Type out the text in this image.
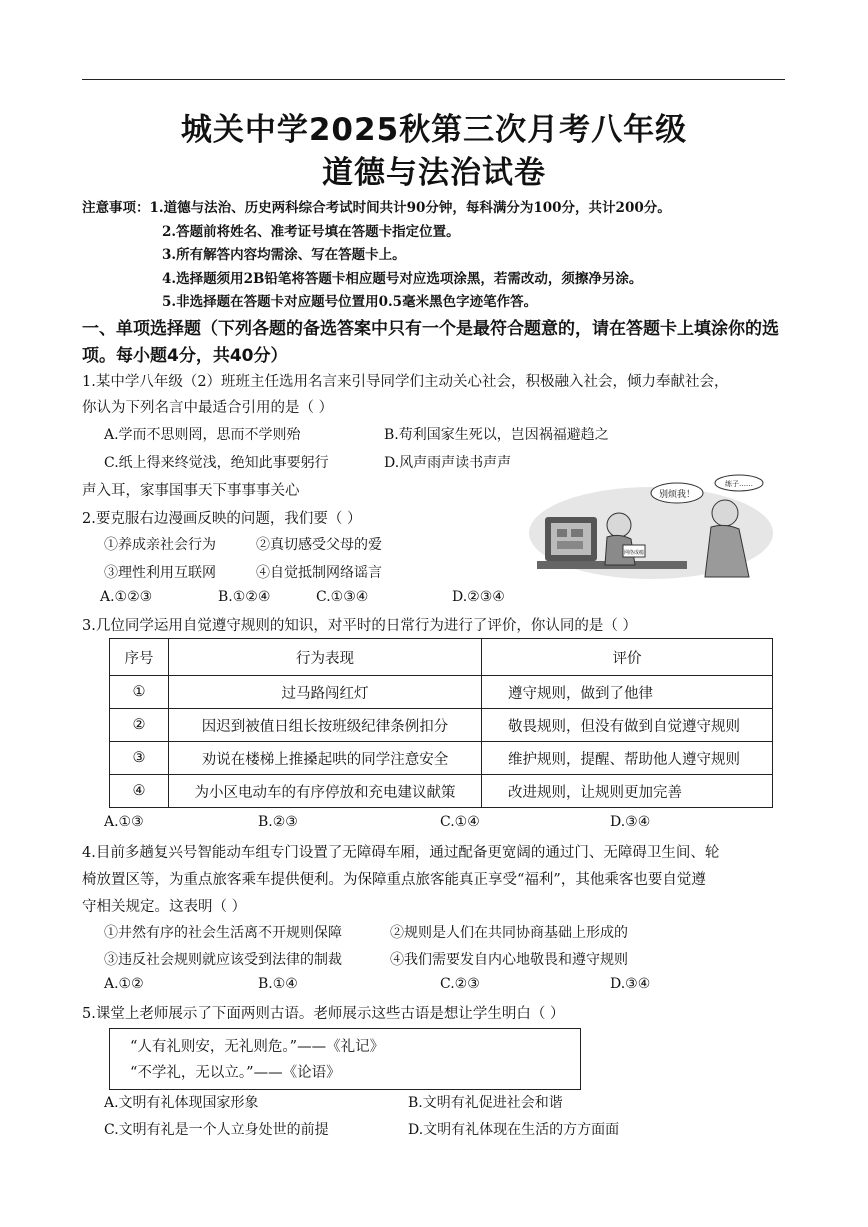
城关中学2025秋第三次月考八年级
道德与法治试卷
注意事项：1.道德与法治、历史两科综合考试时间共计90分钟，每科满分为100分，共计200分。
2.答题前将姓名、准考证号填在答题卡指定位置。
3.所有解答内容均需涂、写在答题卡上。
4.选择题须用2B铅笔将答题卡相应题号对应选项涂黑，若需改动，须擦净另涂。
5.非选择题在答题卡对应题号位置用0.5毫米黑色字迹笔作答。
一、单项选择题（下列各题的备选答案中只有一个是最符合题意的，请在答题卡上填涂你的选项。每小题4分，共40分）
1.某中学八年级（2）班班主任选用名言来引导同学们主动关心社会，积极融入社会，倾力奉献社会，
你认为下列名言中最适合引用的是（ ）
A.学而不思则罔，思而不学则殆	B.苟利国家生死以，岂因祸福避趋之
C.纸上得来终觉浅，绝知此事要躬行	D.风声雨声读书声声
声入耳，家事国事天下事事事关心
2.要克服右边漫画反映的问题，我们要（ ）
①养成亲社会行为	②真切感受父母的爱
③理性利用互联网	④自觉抵制网络谣言
A.①②③	B.①②④	C.①③④	D.②③④
网络成瘾
别烦我！
练子……
3.几位同学运用自觉遵守规则的知识，对平时的日常行为进行了评价，你认同的是（ ）
序号	行为表现	评价
①	过马路闯红灯	遵守规则，做到了他律
②	因迟到被值日组长按班级纪律条例扣分	敬畏规则，但没有做到自觉遵守规则
③	劝说在楼梯上推搡起哄的同学注意安全	维护规则，提醒、帮助他人遵守规则
④	为小区电动车的有序停放和充电建议献策	改进规则，让规则更加完善
A.①③	B.②③	C.①④	D.③④
4.目前多趟复兴号智能动车组专门设置了无障碍车厢，通过配备更宽阔的通过门、无障碍卫生间、轮
椅放置区等，为重点旅客乘车提供便利。为保障重点旅客能真正享受“福利”，其他乘客也要自觉遵
守相关规定。这表明（ ）
①井然有序的社会生活离不开规则保障	②规则是人们在共同协商基础上形成的
③违反社会规则就应该受到法律的制裁	④我们需要发自内心地敬畏和遵守规则
A.①②	B.①④	C.②③	D.③④
5.课堂上老师展示了下面两则古语。老师展示这些古语是想让学生明白（ ）
“人有礼则安，无礼则危。”——《礼记》
“不学礼，无以立。”——《论语》
A.文明有礼体现国家形象	B.文明有礼促进社会和谐
C.文明有礼是一个人立身处世的前提	D.文明有礼体现在生活的方方面面
